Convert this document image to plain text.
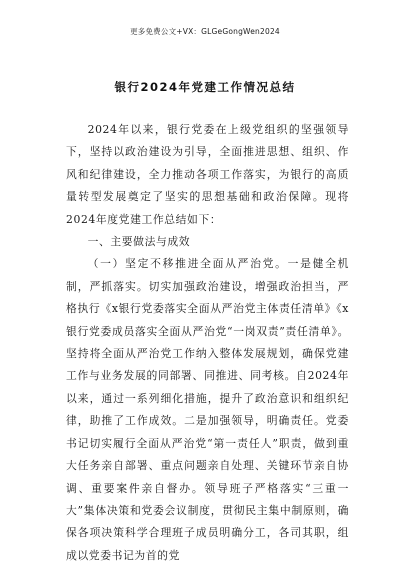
更多免费公文+VX：GLGeGongWen2024
银行2024年党建工作情况总结

2024年以来，银行党委在上级党组织的坚强领导下，坚持以政治建设为引导，全面推进思想、组织、作风和纪律建设，全力推动各项工作落实，为银行的高质量转型发展奠定了坚实的思想基础和政治保障。现将2024年度党建工作总结如下：

一、主要做法与成效

（一）坚定不移推进全面从严治党。一是健全机制，严抓落实。切实加强政治建设，增强政治担当，严格执行《x银行党委落实全面从严治党主体责任清单》《x银行党委成员落实全面从严治党“一岗双责”责任清单》。坚持将全面从严治党工作纳入整体发展规划，确保党建工作与业务发展的同部署、同推进、同考核。自2024年以来，通过一系列细化措施，提升了政治意识和组织纪律，助推了工作成效。二是加强领导，明确责任。党委书记切实履行全面从严治党“第一责任人”职责，做到重大任务亲自部署、重点问题亲自处理、关键环节亲自协调、重要案件亲自督办。领导班子严格落实“三重一大”集体决策和党委会议制度，贯彻民主集中制原则，确保各项决策科学合理班子成员明确分工，各司其职，组成以党委书记为首的党
